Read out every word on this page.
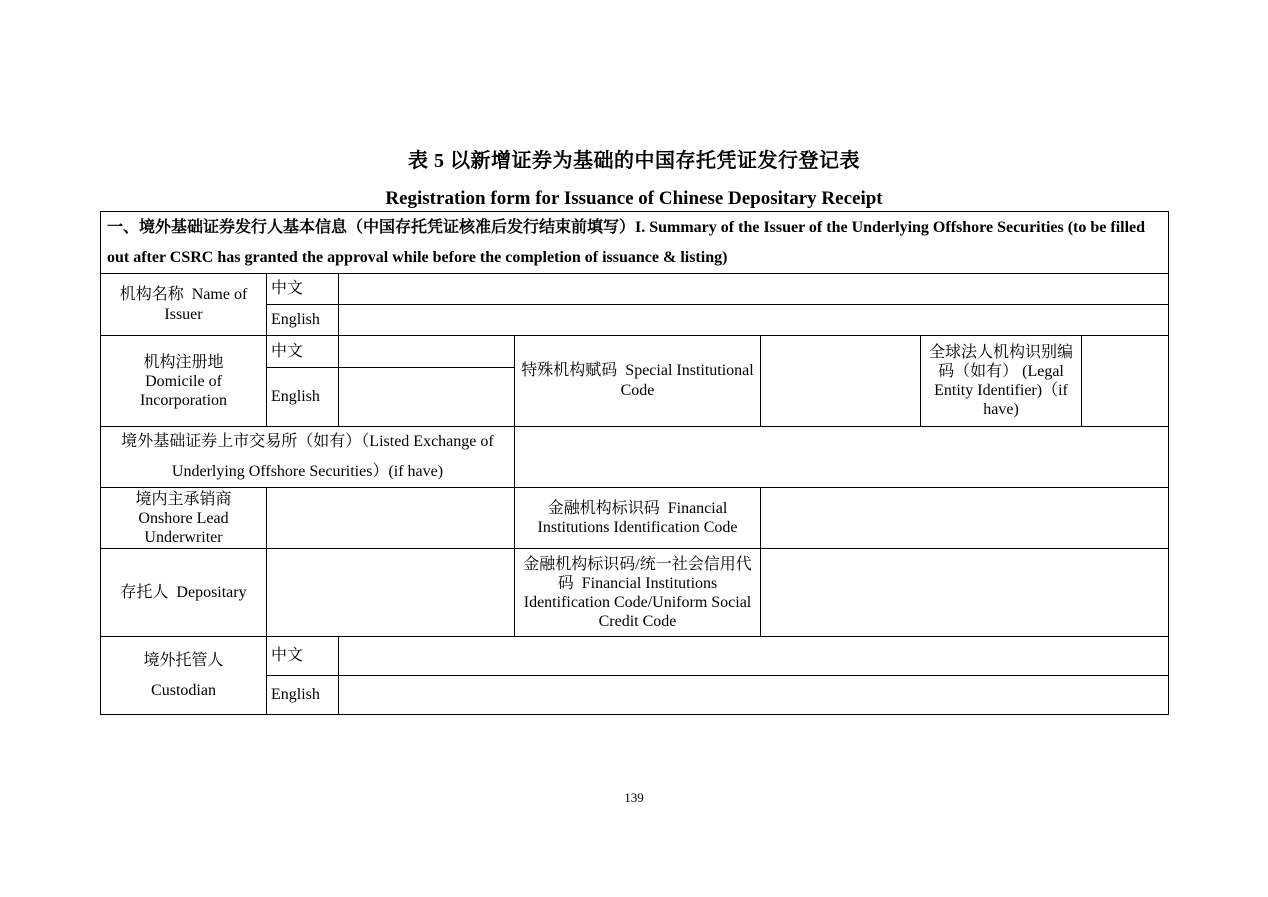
表 5 以新增证券为基础的中国存托凭证发行登记表
Registration form for Issuance of Chinese Depositary Receipt
一、境外基础证券发行人基本信息（中国存托凭证核准后发行结束前填写）I. Summary of the Issuer of the Underlying Offshore Securities (to be filled out after CSRC has granted the approval while before the completion of issuance & listing)						

机构名称 Name of Issuer	中文					
	English					

机构注册地
Domicile of Incorporation	中文		特殊机构赋码 Special Institutional Code		全球法人机构识别编码（如有） (Legal Entity Identifier)（if have)	

	English					
境外基础证券上市交易所（如有）（Listed Exchange of Underlying Offshore Securities）(if have)						

境内主承销商
Onshore Lead Underwriter			金融机构标识码 Financial Institutions Identification Code			

存托人 Depositary			金融机构标识码/统一社会信用代码 Financial Institutions Identification Code/Uniform Social Credit Code			

境外托管人
Custodian	中文					
	English					
139
